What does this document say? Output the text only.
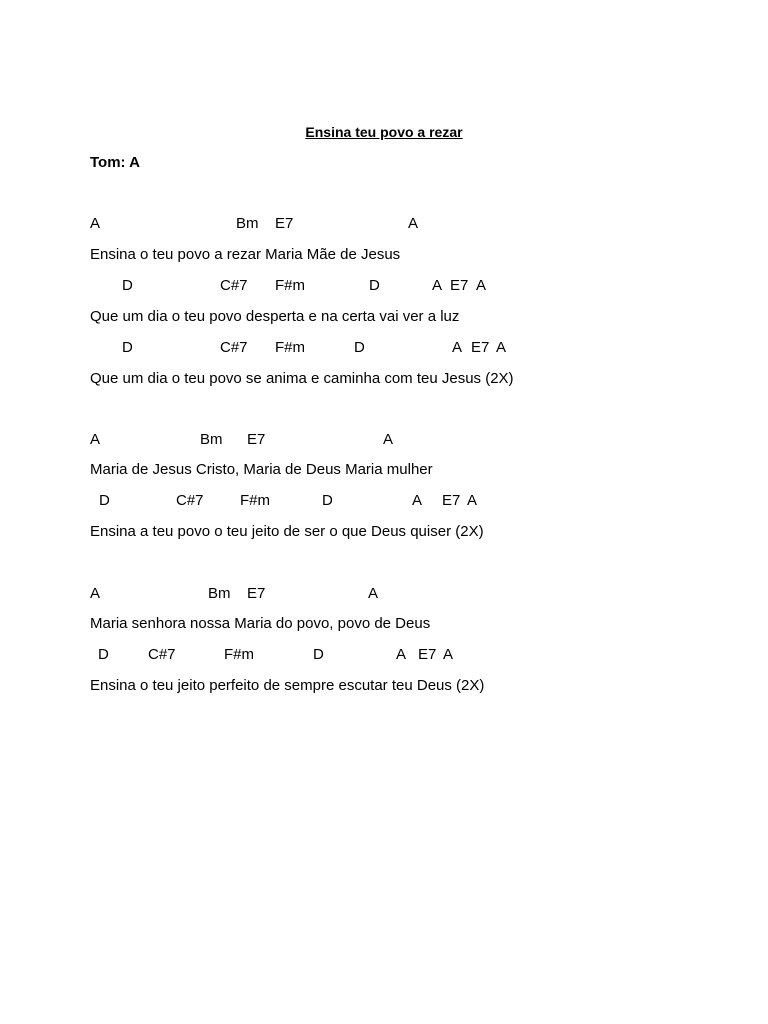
Ensina teu povo a rezar
Tom: A
A	Bm E7	A
Ensina o teu povo a rezar Maria Mãe de Jesus
D	C#7 F#m	D	A E7 A
Que um dia o teu povo desperta e na certa vai ver a luz
D	C#7 F#m	D	A E7 A
Que um dia o teu povo se anima e caminha com teu Jesus (2X)
A	Bm E7	A
Maria de Jesus Cristo, Maria de Deus Maria mulher
D	C#7 F#m	D	A E7 A
Ensina a teu povo o teu jeito de ser o que Deus quiser (2X)
A	Bm E7	A
Maria senhora nossa Maria do povo, povo de Deus
D	C#7	F#m	D	A E7 A
Ensina o teu jeito perfeito de sempre escutar teu Deus (2X)
